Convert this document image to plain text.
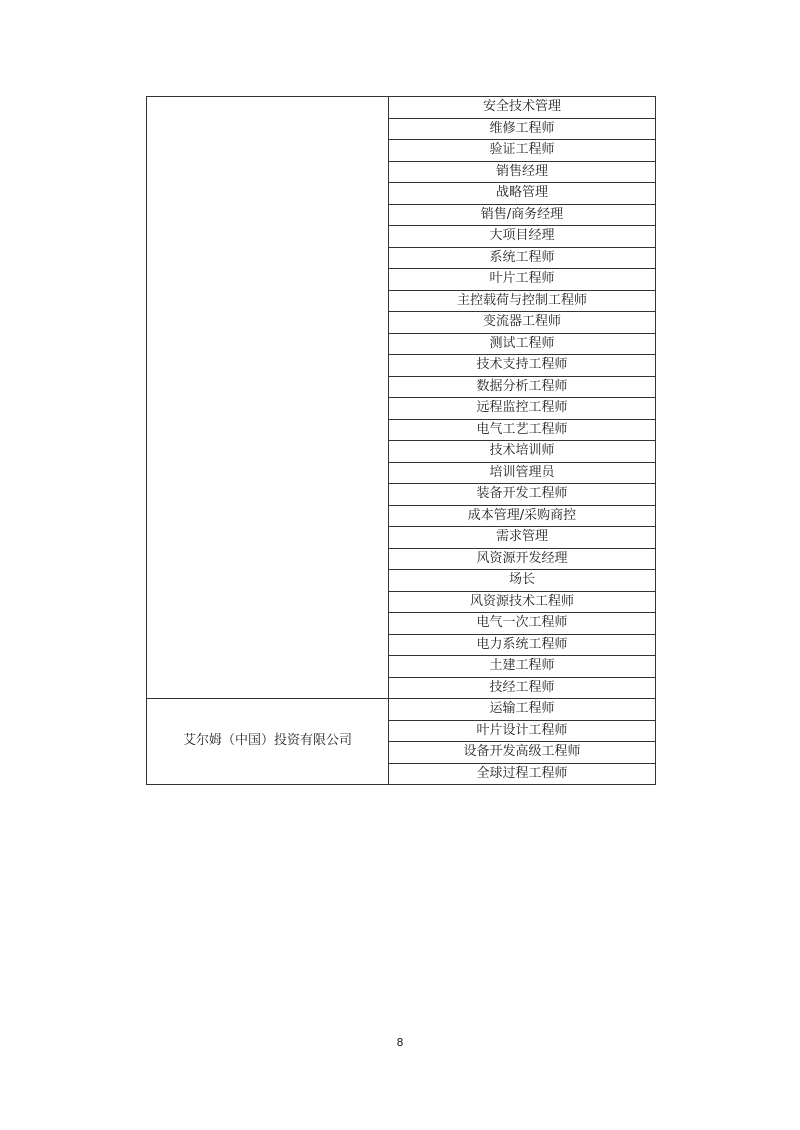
	安全技术管理
	维修工程师
	验证工程师
	销售经理
	战略管理
	销售/商务经理
	大项目经理
	系统工程师
	叶片工程师
	主控载荷与控制工程师
	变流器工程师
	测试工程师
	技术支持工程师
	数据分析工程师
	远程监控工程师
	电气工艺工程师
	技术培训师
	培训管理员
	装备开发工程师
	成本管理/采购商控
	需求管理
	风资源开发经理
	场长
	风资源技术工程师
	电气一次工程师
	电力系统工程师
	土建工程师
	技经工程师
艾尔姆（中国）投资有限公司	运输工程师
	叶片设计工程师
	设备开发高级工程师
	全球过程工程师
8
